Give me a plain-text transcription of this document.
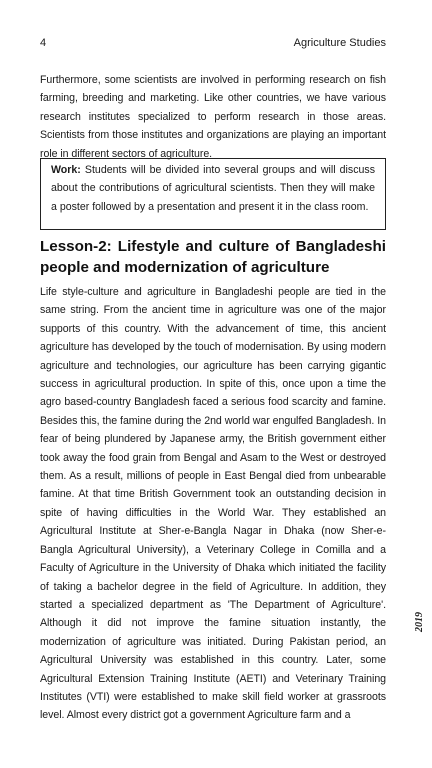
4	Agriculture Studies

Furthermore, some scientists are involved in performing research on fish farming, breeding and marketing. Like other countries, we have various research institutes specialized to perform research in those areas. Scientists from those institutes and organizations are playing an important role in different sectors of agriculture.

Work: Students will be divided into several groups and will discuss about the contributions of agricultural scientists. Then they will make a poster followed by a presentation and present it in the class room.
Lesson-2: Lifestyle and culture of Bangladeshi people and modernization of agriculture

Life style-culture and agriculture in Bangladeshi people are tied in the same string. From the ancient time in agriculture was one of the major supports of this country. With the advancement of time, this ancient agriculture has developed by the touch of modernisation. By using modern agriculture and technologies, our agriculture has been carrying gigantic success in agricultural production. In spite of this, once upon a time the agro based-country Bangladesh faced a serious food scarcity and famine. Besides this, the famine during the 2nd world war engulfed Bangladesh. In fear of being plundered by Japanese army, the British government either took away the food grain from Bengal and Asam to the West or destroyed them. As a result, millions of people in East Bengal died from unbearable famine. At that time British Government took an outstanding decision in spite of having difficulties in the World War. They established an Agricultural Institute at Sher-e-Bangla Nagar in Dhaka (now Sher-e-Bangla Agricultural University), a Veterinary College in Comilla and a Faculty of Agriculture in the University of Dhaka which initiated the facility of taking a bachelor degree in the field of Agriculture. In addition, they started a specialized department as 'The Department of Agriculture'. Although it did not improve the famine situation instantly, the modernization of agriculture was initiated. During Pakistan period, an Agricultural University was established in this country. Later, some Agricultural Extension Training Institute (AETI) and Veterinary Training Institutes (VTI) were established to make skill field worker at grassroots level. Almost every district got a government Agriculture farm and a

2019
